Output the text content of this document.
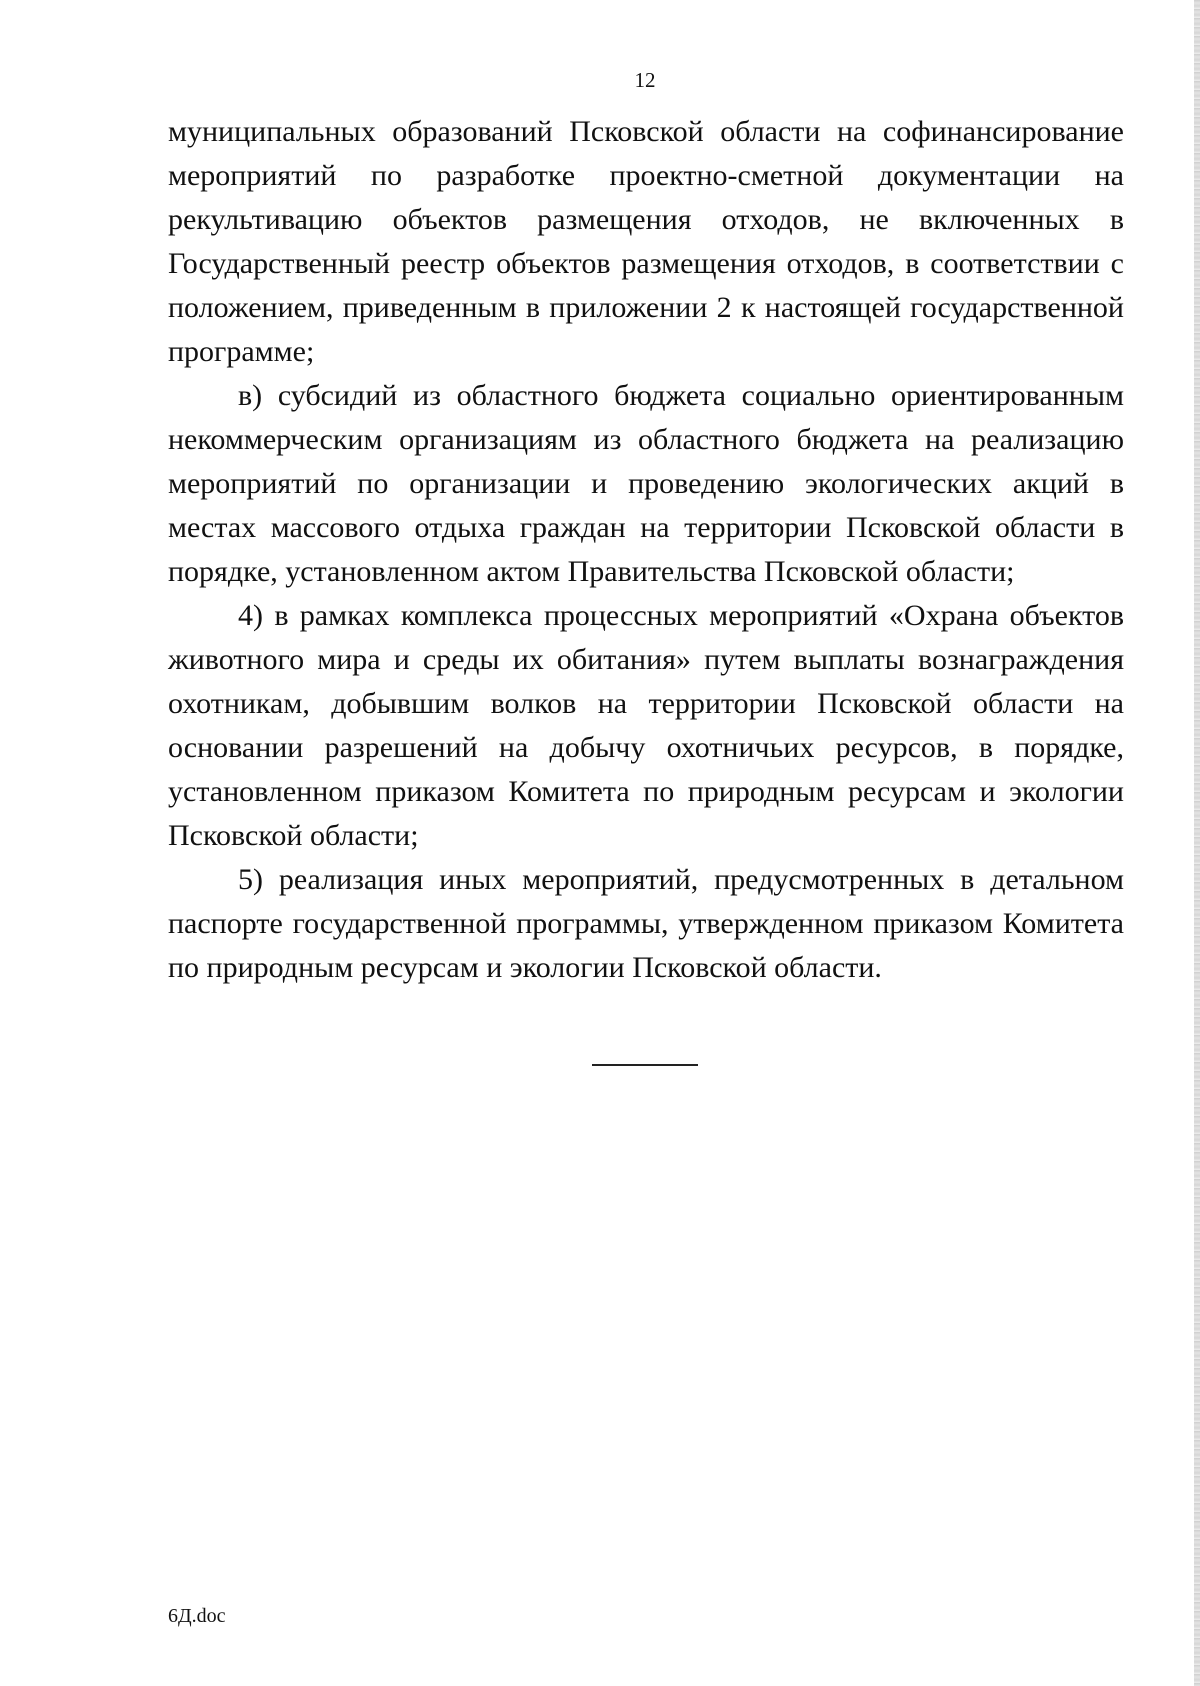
12

муниципальных образований Псковской области на софинансирование мероприятий по разработке проектно-сметной документации на рекультивацию объектов размещения отходов, не включенных в Государственный реестр объектов размещения отходов, в соответствии с положением, приведенным в приложении 2 к настоящей государственной программе;

в) субсидий из областного бюджета социально ориентированным некоммерческим организациям из областного бюджета на реализацию мероприятий по организации и проведению экологических акций в местах массового отдыха граждан на территории Псковской области в порядке, установленном актом Правительства Псковской области;

4) в рамках комплекса процессных мероприятий «Охрана объектов животного мира и среды их обитания» путем выплаты вознаграждения охотникам, добывшим волков на территории Псковской области на основании разрешений на добычу охотничьих ресурсов, в порядке, установленном приказом Комитета по природным ресурсам и экологии Псковской области;

5) реализация иных мероприятий, предусмотренных в детальном паспорте государственной программы, утвержденном приказом Комитета по природным ресурсам и экологии Псковской области.

6Д.doc
